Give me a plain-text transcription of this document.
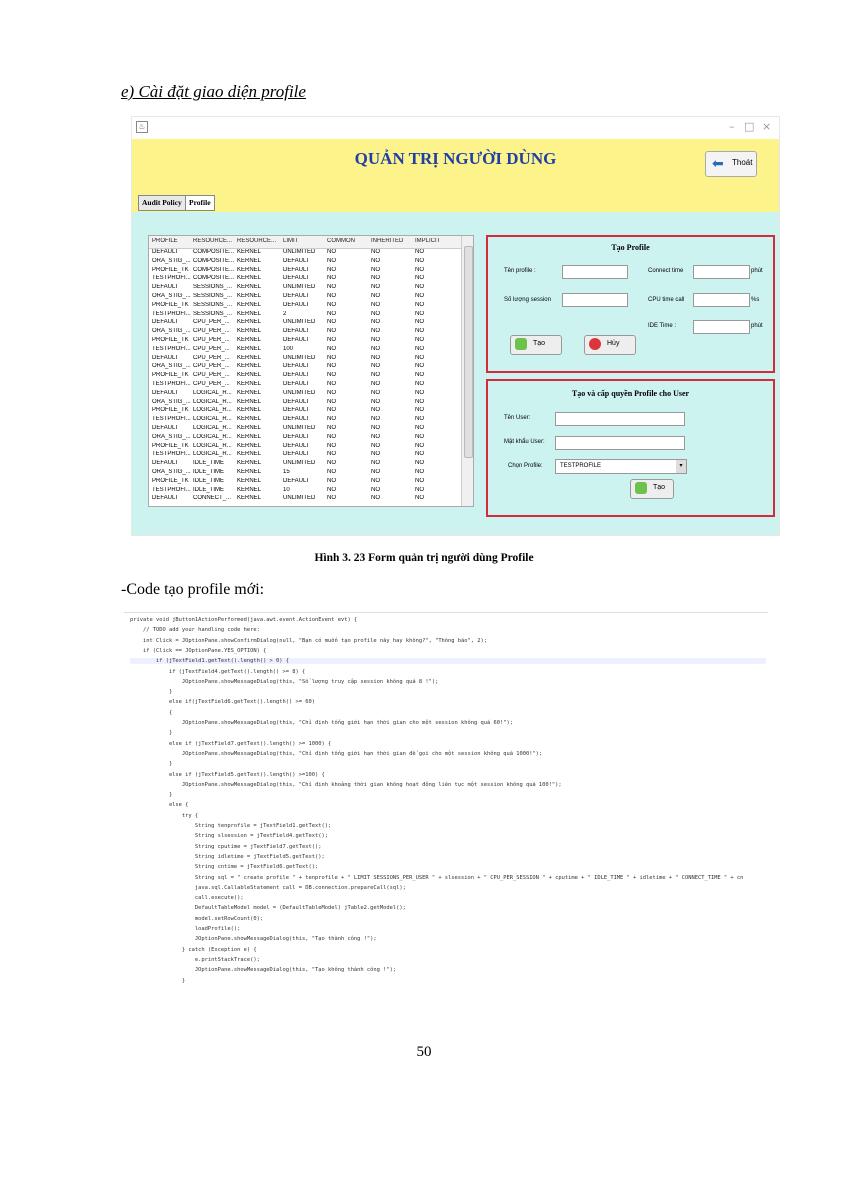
e) Cài đặt giao diện profile
♨	– □ ×
QUẢN TRỊ NGƯỜI DÙNG	⬅	Thoát
Audit Policy Profile
PROFILE	RESOURCE... RESOURCE... LIMIT	COMMON	INHERITED IMPLICIT
DEFAULT	COMPOSITE... KERNEL	UNLIMITED	NO	NO	NO
ORA_STIG_... COMPOSITE... KERNEL	DEFAULT	NO	NO	NO
PROFILE_TK COMPOSITE... KERNEL	DEFAULT	NO	NO	NO
TESTPROFI... COMPOSITE... KERNEL	DEFAULT	NO	NO	NO
DEFAULT	SESSIONS_... KERNEL	UNLIMITED	NO	NO	NO
ORA_STIG_... SESSIONS_... KERNEL	DEFAULT	NO	NO	NO
PROFILE_TK SESSIONS_... KERNEL	DEFAULT	NO	NO	NO
TESTPROFI... SESSIONS_... KERNEL	2	NO	NO	NO
DEFAULT	CPU_PER_...	KERNEL	UNLIMITED	NO	NO	NO
ORA_STIG_... CPU_PER_...	KERNEL	DEFAULT	NO	NO	NO
PROFILE_TK CPU_PER_...	KERNEL	DEFAULT	NO	NO	NO
TESTPROFI... CPU_PER_...	KERNEL	100	NO	NO	NO
DEFAULT	CPU_PER_...	KERNEL	UNLIMITED	NO	NO	NO
ORA_STIG_... CPU_PER_...	KERNEL	DEFAULT	NO	NO	NO
PROFILE_TK CPU_PER_...	KERNEL	DEFAULT	NO	NO	NO
TESTPROFI... CPU_PER_...	KERNEL	DEFAULT	NO	NO	NO
DEFAULT	LOGICAL_R... KERNEL	UNLIMITED	NO	NO	NO
ORA_STIG_... LOGICAL_R... KERNEL	DEFAULT	NO	NO	NO
PROFILE_TK LOGICAL_R... KERNEL	DEFAULT	NO	NO	NO
TESTPROFI... LOGICAL_R... KERNEL	DEFAULT	NO	NO	NO
DEFAULT	LOGICAL_R... KERNEL	UNLIMITED	NO	NO	NO
ORA_STIG_... LOGICAL_R... KERNEL	DEFAULT	NO	NO	NO
PROFILE_TK LOGICAL_R... KERNEL	DEFAULT	NO	NO	NO
TESTPROFI... LOGICAL_R... KERNEL	DEFAULT	NO	NO	NO
DEFAULT	IDLE_TIME	KERNEL	UNLIMITED	NO	NO	NO
ORA_STIG_... IDLE_TIME	KERNEL	15	NO	NO	NO
PROFILE_TK IDLE_TIME	KERNEL	DEFAULT	NO	NO	NO
TESTPROFI... IDLE_TIME	KERNEL	10	NO	NO	NO
DEFAULT	CONNECT_... KERNEL	UNLIMITED	NO	NO	NO
Tạo Profile
Tên profile :
Số lượng session
Connect time	phút
CPU time call	%s
IDE Time :	phút
Tạo	Hủy
Tạo và cấp quyền Profile cho User
Tên User:
Mật khẩu User:
Chọn Profile:	TESTPROFILE	▾
Tạo
Hình 3. 23 Form quản trị người dùng Profile
-Code tạo profile mới:
private void jButton1ActionPerformed(java.awt.event.ActionEvent evt) {
// TODO add your handling code here:
int Click = JOptionPane.showConfirmDialog(null, "Bạn có muốn tạo profile này hay không?", "Thông báo", 2);
if (Click == JOptionPane.YES_OPTION) {
if (jTextField1.getText().length() > 0) {
if (jTextField4.getText().length() >= 8) {
JOptionPane.showMessageDialog(this, "Số lượng truy cập session không quá 8 !");
}
else if(jTextField6.getText().length() >= 60)
{
JOptionPane.showMessageDialog(this, "Chỉ định tổng giới hạn thời gian cho một session không quá 60!");
}
else if (jTextField7.getText().length() >= 1000) {
JOptionPane.showMessageDialog(this, "Chỉ định tổng giới hạn thời gian để gọi cho một session không quá 1000!");
}
else if (jTextField5.getText().length() >=100) {
JOptionPane.showMessageDialog(this, "Chỉ định khoảng thời gian không hoạt động liên tục một session không quá 100!");
}
else {
try {
String tenprofile = jTextField1.getText();
String slsession = jTextField4.getText();
String cputime = jTextField7.getText();
String idletime = jTextField5.getText();
String cntime = jTextField6.getText();
String sql = " create profile " + tenprofile + " LIMIT SESSIONS_PER_USER " + slsession + " CPU_PER_SESSION " + cputime + " IDLE_TIME " + idletime + " CONNECT_TIME " + cn
java.sql.CallableStatement call = DB.connection.prepareCall(sql);
call.execute();
DefaultTableModel model = (DefaultTableModel) jTable2.getModel();
model.setRowCount(0);
loadProfile();
JOptionPane.showMessageDialog(this, "Tạo thành công !");
} catch (Exception e) {
e.printStackTrace();
JOptionPane.showMessageDialog(this, "Tạo không thành công !");
}
50
